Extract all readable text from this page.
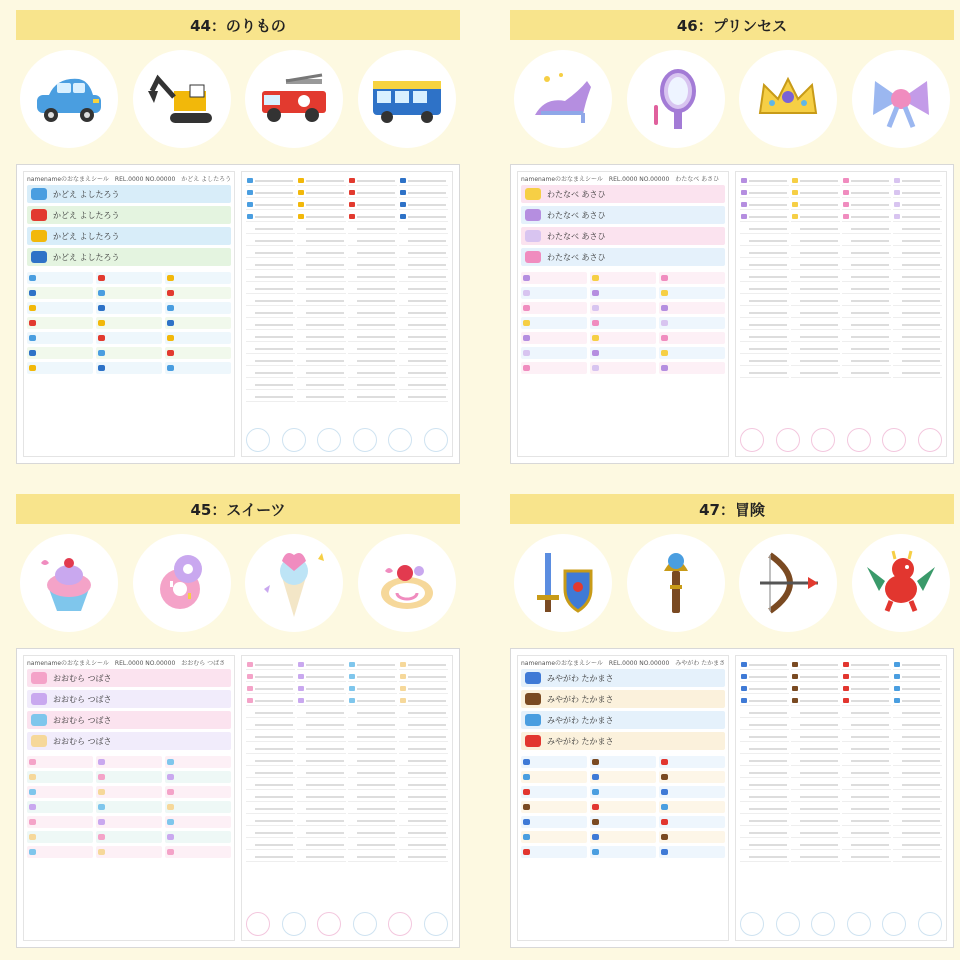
44：のりもの
namenameのおなまえシール　REL.0000 NO.00000　かどえ よしたろう
かどえ よしたろう
かどえ よしたろう
かどえ よしたろう
かどえ よしたろう
46：プリンセス
namenameのおなまえシール　REL.0000 NO.00000　わたなべ あさひ
わたなべ あさひ
わたなべ あさひ
わたなべ あさひ
わたなべ あさひ
45：スイーツ
namenameのおなまえシール　REL.0000 NO.00000　おおむら つばさ
おおむら つばさ
おおむら つばさ
おおむら つばさ
おおむら つばさ
47：冒険
namenameのおなまえシール　REL.0000 NO.00000　みやがわ たかまさ
みやがわ たかまさ
みやがわ たかまさ
みやがわ たかまさ
みやがわ たかまさ
